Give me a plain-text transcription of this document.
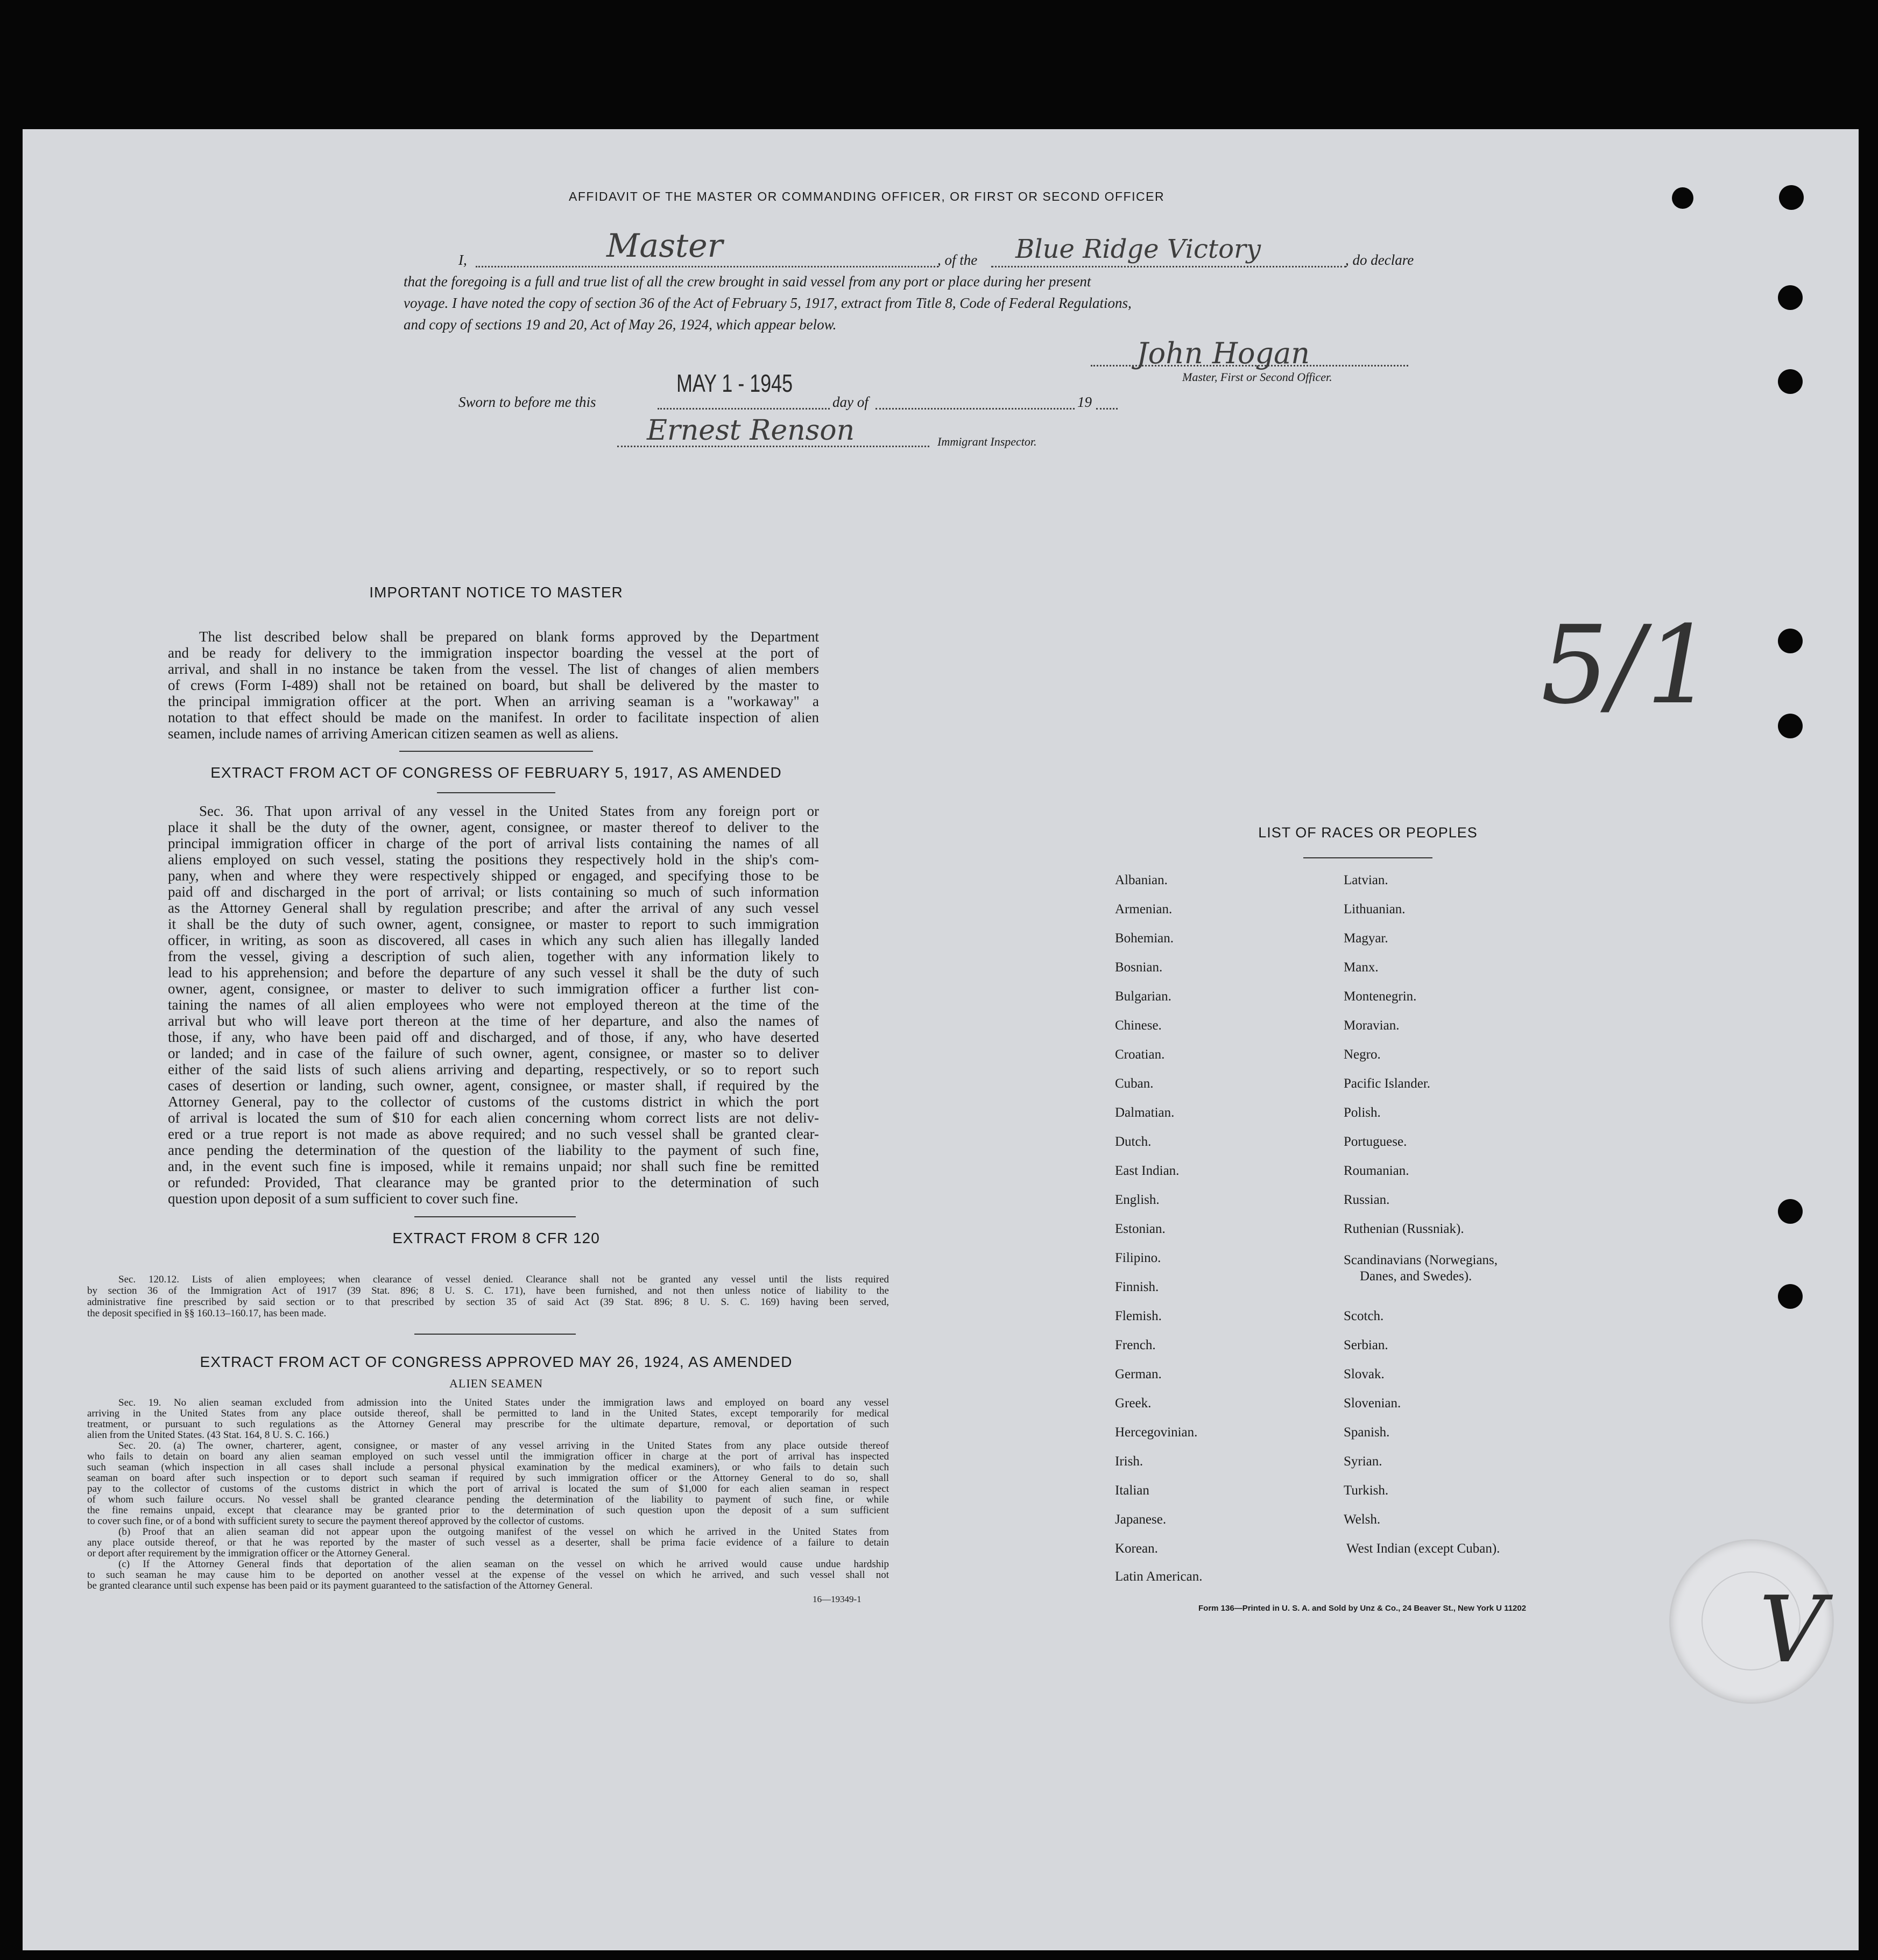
AFFIDAVIT OF THE MASTER OR COMMANDING OFFICER, OR FIRST OR SECOND OFFICER
I,	Master	, of the Blue Ridge Victory	, do declare
that the foregoing is a full and true list of all the crew brought in said vessel from any port or place during her present
voyage. I have noted the copy of section 36 of the Act of February 5, 1917, extract from Title 8, Code of Federal Regulations,
and copy of sections 19 and 20, Act of May 26, 1924, which appear below.
John Hogan
Master, First or Second Officer.
Sworn to before me this
MAY 1 - 1945
day of	19
Ernest Renson	Immigrant Inspector.
IMPORTANT NOTICE TO MASTER
The list described below shall be prepared on blank forms approved by the Department
and be ready for delivery to the immigration inspector boarding the vessel at the port of
arrival, and shall in no instance be taken from the vessel. The list of changes of alien members
of crews (Form I-489) shall not be retained on board, but shall be delivered by the master to
the principal immigration officer at the port. When an arriving seaman is a "workaway" a
notation to that effect should be made on the manifest. In order to facilitate inspection of alien
seamen, include names of arriving American citizen seamen as well as aliens.
EXTRACT FROM ACT OF CONGRESS OF FEBRUARY 5, 1917, AS AMENDED
Sec. 36. That upon arrival of any vessel in the United States from any foreign port or
place it shall be the duty of the owner, agent, consignee, or master thereof to deliver to the
principal immigration officer in charge of the port of arrival lists containing the names of all
aliens employed on such vessel, stating the positions they respectively hold in the ship's com-
pany, when and where they were respectively shipped or engaged, and specifying those to be
paid off and discharged in the port of arrival; or lists containing so much of such information
as the Attorney General shall by regulation prescribe; and after the arrival of any such vessel
it shall be the duty of such owner, agent, consignee, or master to report to such immigration
officer, in writing, as soon as discovered, all cases in which any such alien has illegally landed
from the vessel, giving a description of such alien, together with any information likely to
lead to his apprehension; and before the departure of any such vessel it shall be the duty of such
owner, agent, consignee, or master to deliver to such immigration officer a further list con-
taining the names of all alien employees who were not employed thereon at the time of the
arrival but who will leave port thereon at the time of her departure, and also the names of
those, if any, who have been paid off and discharged, and of those, if any, who have deserted
or landed; and in case of the failure of such owner, agent, consignee, or master so to deliver
either of the said lists of such aliens arriving and departing, respectively, or so to report such
cases of desertion or landing, such owner, agent, consignee, or master shall, if required by the
Attorney General, pay to the collector of customs of the customs district in which the port
of arrival is located the sum of $10 for each alien concerning whom correct lists are not deliv-
ered or a true report is not made as above required; and no such vessel shall be granted clear-
ance pending the determination of the question of the liability to the payment of such fine,
and, in the event such fine is imposed, while it remains unpaid; nor shall such fine be remitted
or refunded: Provided, That clearance may be granted prior to the determination of such
question upon deposit of a sum sufficient to cover such fine.
EXTRACT FROM 8 CFR 120
Sec. 120.12. Lists of alien employees; when clearance of vessel denied. Clearance shall not be granted any vessel until the lists required
by section 36 of the Immigration Act of 1917 (39 Stat. 896; 8 U. S. C. 171), have been furnished, and not then unless notice of liability to the
administrative fine prescribed by said section or to that prescribed by section 35 of said Act (39 Stat. 896; 8 U. S. C. 169) having been served,
the deposit specified in §§ 160.13–160.17, has been made.
EXTRACT FROM ACT OF CONGRESS APPROVED MAY 26, 1924, AS AMENDED
ALIEN SEAMEN
Sec. 19. No alien seaman excluded from admission into the United States under the immigration laws and employed on board any vessel
arriving in the United States from any place outside thereof, shall be permitted to land in the United States, except temporarily for medical
treatment, or pursuant to such regulations as the Attorney General may prescribe for the ultimate departure, removal, or deportation of such
alien from the United States. (43 Stat. 164, 8 U. S. C. 166.)
Sec. 20. (a) The owner, charterer, agent, consignee, or master of any vessel arriving in the United States from any place outside thereof
who fails to detain on board any alien seaman employed on such vessel until the immigration officer in charge at the port of arrival has inspected
such seaman (which inspection in all cases shall include a personal physical examination by the medical examiners), or who fails to detain such
seaman on board after such inspection or to deport such seaman if required by such immigration officer or the Attorney General to do so, shall
pay to the collector of customs of the customs district in which the port of arrival is located the sum of $1,000 for each alien seaman in respect
of whom such failure occurs. No vessel shall be granted clearance pending the determination of the liability to payment of such fine, or while
the fine remains unpaid, except that clearance may be granted prior to the determination of such question upon the deposit of a sum sufficient
to cover such fine, or of a bond with sufficient surety to secure the payment thereof approved by the collector of customs.
(b) Proof that an alien seaman did not appear upon the outgoing manifest of the vessel on which he arrived in the United States from
any place outside thereof, or that he was reported by the master of such vessel as a deserter, shall be prima facie evidence of a failure to detain
or deport after requirement by the immigration officer or the Attorney General.
(c) If the Attorney General finds that deportation of the alien seaman on the vessel on which he arrived would cause undue hardship
to such seaman he may cause him to be deported on another vessel at the expense of the vessel on which he arrived, and such vessel shall not
be granted clearance until such expense has been paid or its payment guaranteed to the satisfaction of the Attorney General.
16—19349-1
5/1
LIST OF RACES OR PEOPLES
Albanian.
Armenian.
Bohemian.
Bosnian.
Bulgarian.
Chinese.
Croatian.
Cuban.
Dalmatian.
Dutch.
East Indian.
English.
Estonian.
Filipino.
Finnish.
Flemish.
French.
German.
Greek.
Hercegovinian.
Irish.
Italian
Japanese.
Korean.
Latin American.
Latvian.
Lithuanian.
Magyar.
Manx.
Montenegrin.
Moravian.
Negro.
Pacific Islander.
Polish.
Portuguese.
Roumanian.
Russian.
Ruthenian (Russniak).
Scandinavians (Norwegians,
Danes, and Swedes).
Scotch.
Serbian.
Slovak.
Slovenian.
Spanish.
Syrian.
Turkish.
Welsh.
West Indian (except Cuban).
Form 136—Printed in U. S. A. and Sold by Unz & Co., 24 Beaver St., New York U 11202 V
